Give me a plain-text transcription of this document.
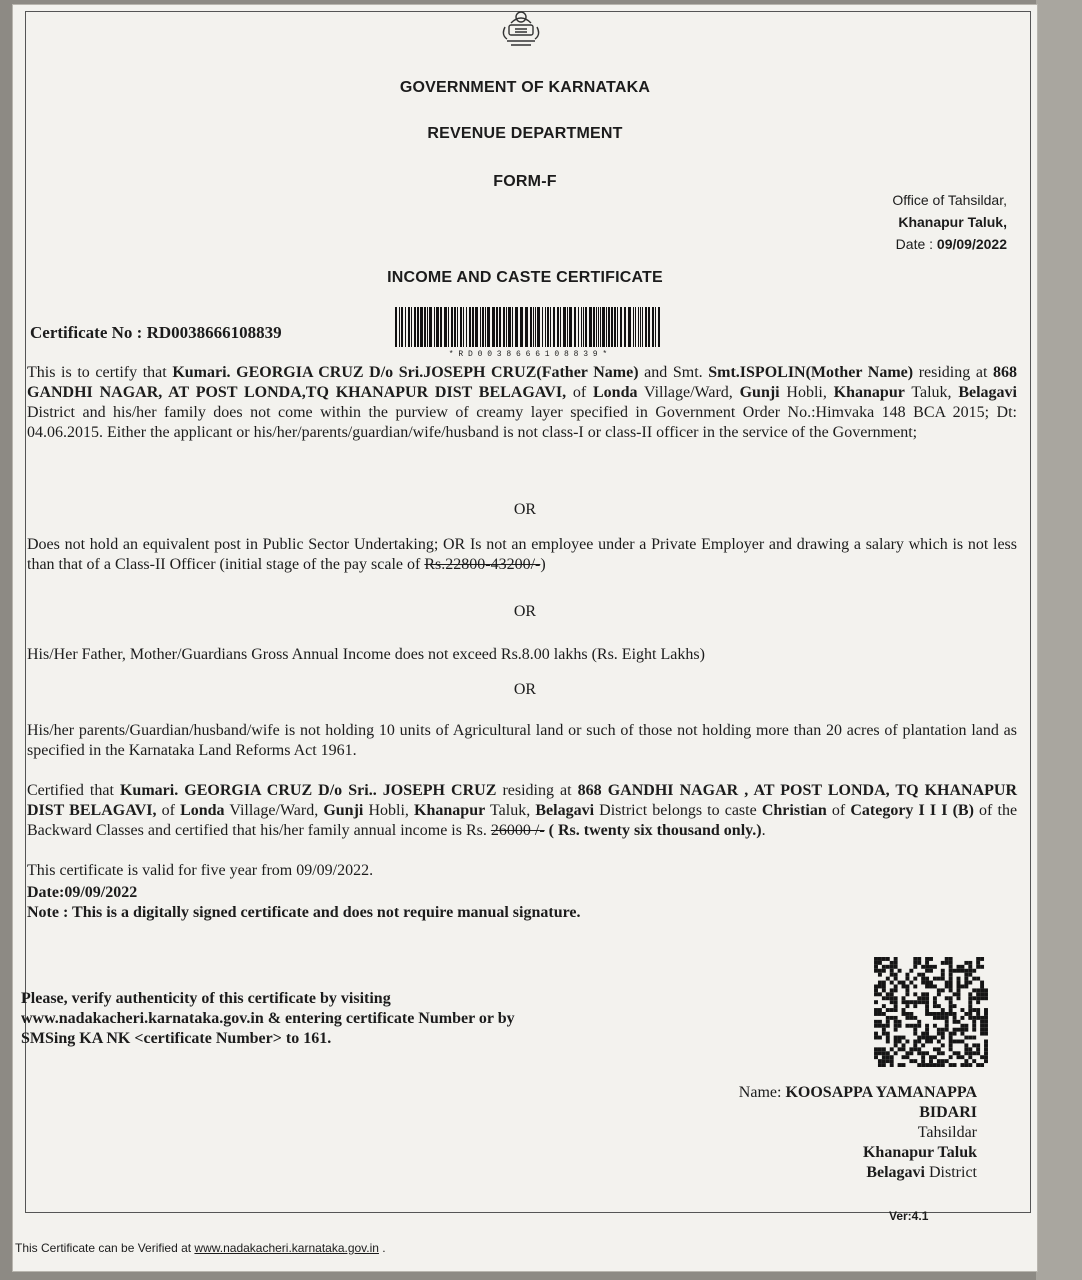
GOVERNMENT OF KARNATAKA
REVENUE DEPARTMENT
FORM-F
INCOME AND CASTE CERTIFICATE
Office of Tahsildar,
Khanapur Taluk,
Date : 09/09/2022
Certificate No : RD0038666108839
* R D 0 0 3 8 6 6 6 1 0 8 8 3 9 *
This is to certify that Kumari. GEORGIA CRUZ D/o Sri.JOSEPH CRUZ(Father Name) and Smt. Smt.ISPOLIN(Mother Name) residing at 868 GANDHI NAGAR, AT POST LONDA,TQ KHANAPUR DIST BELAGAVI, of Londa Village/Ward, Gunji Hobli, Khanapur Taluk, Belagavi District and his/her family does not come within the purview of creamy layer specified in Government Order No.:Himvaka 148 BCA 2015; Dt: 04.06.2015. Either the applicant or his/her/parents/guardian/wife/husband is not class-I or class-II officer in the service of the Government;
OR
Does not hold an equivalent post in Public Sector Undertaking; OR Is not an employee under a Private Employer and drawing a salary which is not less than that of a Class-II Officer (initial stage of the pay scale of Rs.22800-43200/-)
OR
His/Her Father, Mother/Guardians Gross Annual Income does not exceed Rs.8.00 lakhs (Rs. Eight Lakhs)
OR
His/her parents/Guardian/husband/wife is not holding 10 units of Agricultural land or such of those not holding more than 20 acres of plantation land as specified in the Karnataka Land Reforms Act 1961.
Certified that Kumari. GEORGIA CRUZ D/o Sri.. JOSEPH CRUZ residing at 868 GANDHI NAGAR , AT POST LONDA, TQ KHANAPUR DIST BELAGAVI, of Londa Village/Ward, Gunji Hobli, Khanapur Taluk, Belagavi District belongs to caste Christian of Category I I I (B) of the Backward Classes and certified that his/her family annual income is Rs. 26000 /- ( Rs. twenty six thousand only.).
This certificate is valid for five year from 09/09/2022.
Date:09/09/2022
Note : This is a digitally signed certificate and does not require manual signature.
Please, verify authenticity of this certificate by visiting
www.nadakacheri.karnataka.gov.in & entering certificate Number or by
SMSing KA NK <certificate Number> to 161.
Name: KOOSAPPA YAMANAPPA BIDARI
Tahsildar
Khanapur Taluk
Belagavi District
Ver:4.1
This Certificate can be Verified at www.nadakacheri.karnataka.gov.in .
